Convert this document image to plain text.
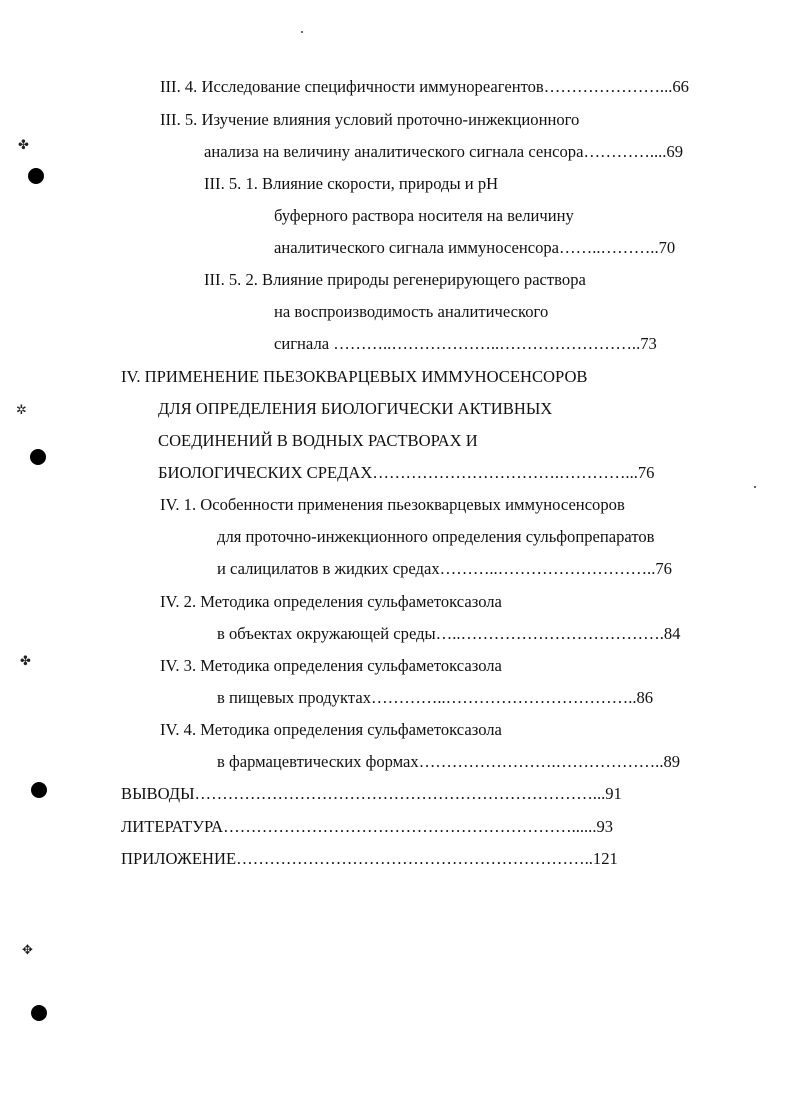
✤
✲
✤
✥
III. 4. Исследование специфичности иммунореагентов…………………...66
III. 5. Изучение влияния условий проточно-инжекционного
анализа на величину аналитического сигнала сенсора…………....69
III. 5. 1. Влияние скорости, природы и pH
буферного раствора носителя на величину
аналитического сигнала иммуносенсора……..………..70
III. 5. 2. Влияние природы регенерирующего раствора
на воспроизводимость аналитического
сигнала ………..………………..……………………..73
IV. ПРИМЕНЕНИЕ ПЬЕЗОКВАРЦЕВЫХ ИММУНОСЕНСОРОВ
ДЛЯ ОПРЕДЕЛЕНИЯ БИОЛОГИЧЕСКИ АКТИВНЫХ
СОЕДИНЕНИЙ В ВОДНЫХ РАСТВОРАХ И
БИОЛОГИЧЕСКИХ СРЕДАХ…………………………….…………...76
IV. 1. Особенности применения пьезокварцевых иммуносенсоров
для проточно-инжекционного определения сульфопрепаратов
и салицилатов в жидких средах………..………………………..76
IV. 2. Методика определения сульфаметоксазола
в объектах окружающей среды…..……………………………….84
IV. 3. Методика определения сульфаметоксазола
в пищевых продуктах…………..……………………………..86
IV. 4. Методика определения сульфаметоксазола
в фармацевтических формах…………………….………………..89
ВЫВОДЫ………………………………………………………………...91
ЛИТЕРАТУРА………………………………………………………......93
ПРИЛОЖЕНИЕ………………………………………………………..121
